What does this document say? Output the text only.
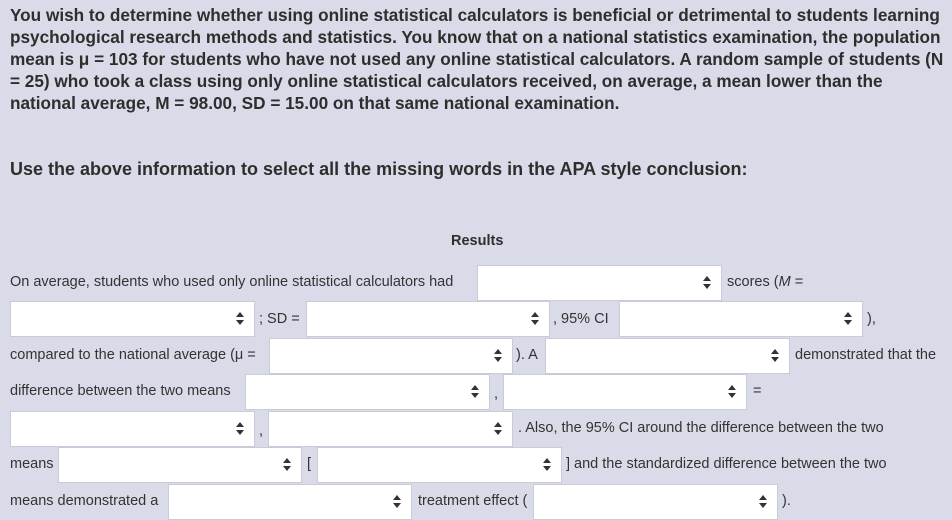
You wish to determine whether using online statistical calculators is beneficial or detrimental to students learning psychological research methods and statistics. You know that on a national statistics examination, the population mean is μ = 103 for students who have not used any online statistical calculators. A random sample of students (N = 25) who took a class using only online statistical calculators received, on average, a mean lower than the national average, M = 98.00, SD = 15.00 on that same national examination.
Use the above information to select all the missing words in the APA style conclusion:
Results
On average, students who used only online statistical calculators had	scores (M =
; SD =	, 95% CI	),
compared to the national average (μ =	). A	demonstrated that the
difference between the two means	,	=
,	. Also, the 95% CI around the difference between the two
means	[	] and the standardized difference between the two
means demonstrated a	treatment effect (	).
